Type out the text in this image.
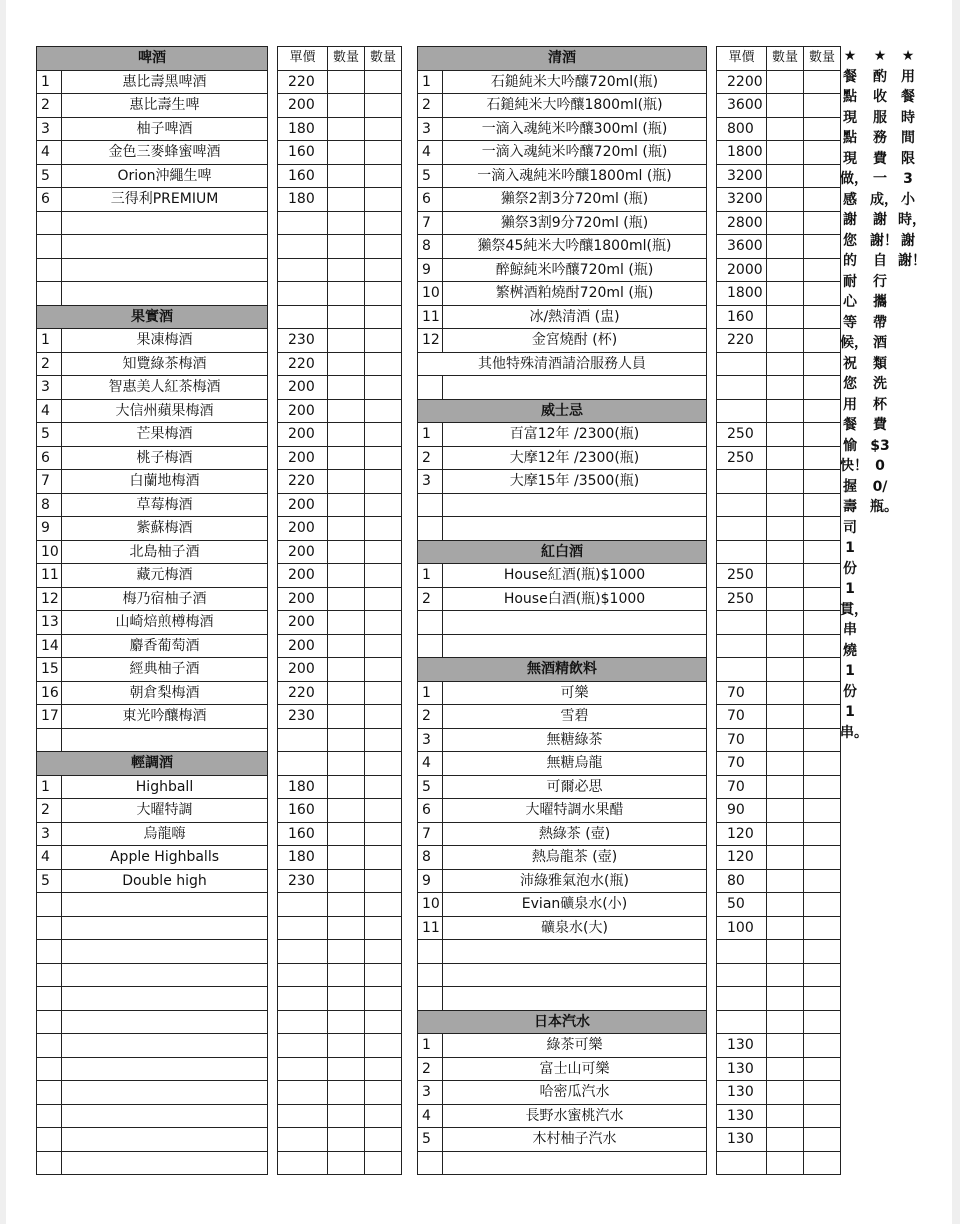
啤酒			單價	數量	數量
1	惠比壽黑啤酒		220		
2	惠比壽生啤		200		
3	柚子啤酒		180		
4	金色三麥蜂蜜啤酒		160		
5	Orion沖繩生啤		160		
6	三得利PREMIUM		180		

果實酒					
1	果凍梅酒		230		
2	知覽綠茶梅酒		220		
3	智惠美人紅茶梅酒		200		
4	大信州蘋果梅酒		200		
5	芒果梅酒		200		
6	桃子梅酒		200		
7	白蘭地梅酒		220		
8	草莓梅酒		200		
9	紫蘇梅酒		200		
10	北島柚子酒		200		
11	藏元梅酒		200		
12	梅乃宿柚子酒		200		
13	山崎焙煎樽梅酒		200		
14	麝香葡萄酒		200		
15	經典柚子酒		200		
16	朝倉梨梅酒		220		
17	東光吟釀梅酒		230		

輕調酒					
1	Highball		180		
2	大曜特調		160		
3	烏龍嗨		160		
4	Apple Highballs		180		
5	Double high		230		

清酒			單價	數量	數量
1	石鎚純米大吟釀720ml(瓶)		2200		
2	石鎚純米大吟釀1800ml(瓶)		3600		
3	一滴入魂純米吟釀300ml (瓶)		800		
4	一滴入魂純米吟釀720ml (瓶)		1800		
5	一滴入魂純米吟釀1800ml (瓶)		3200		
6	獺祭2割3分720ml (瓶)		3200		
7	獺祭3割9分720ml (瓶)		2800		
8	獺祭45純米大吟釀1800ml(瓶)		3600		
9	醉鯨純米吟釀720ml (瓶)		2000		
10	繁桝酒粕燒酎720ml (瓶)		1800		
11	冰/熱清酒 (盅)		160		
12	金宮燒酎 (杯)		220		
其他特殊清酒請洽服務人員					

威士忌					
1	百富12年 /2300(瓶)		250		
2	大摩12年 /2300(瓶)		250		
3	大摩15年 /3500(瓶)				

紅白酒					
1	House紅酒(瓶)$1000		250		
2	House白酒(瓶)$1000		250		

無酒精飲料					
1	可樂		70		
2	雪碧		70		
3	無糖綠茶		70		
4	無糖烏龍		70		
5	可爾必思		70		
6	大曜特調水果醋		90		
7	熱綠茶 (壺)		120		
8	熱烏龍茶 (壺)		120		
9	沛綠雅氣泡水(瓶)		80		
10	Evian礦泉水(小)		50		
11	礦泉水(大)		100		

日本汽水					
1	綠茶可樂		130		
2	富士山可樂		130		
3	哈密瓜汽水		130		
4	長野水蜜桃汽水		130		
5	木村柚子汽水		130		

★餐點現點現做，感謝您的耐心等候，祝您用餐愉快！握壽司1份1貫，串燒1份1串。
★酌收服務費一成，謝謝！自行攜帶酒類洗杯費$300/瓶。
★用餐時間限3小時，謝謝！
